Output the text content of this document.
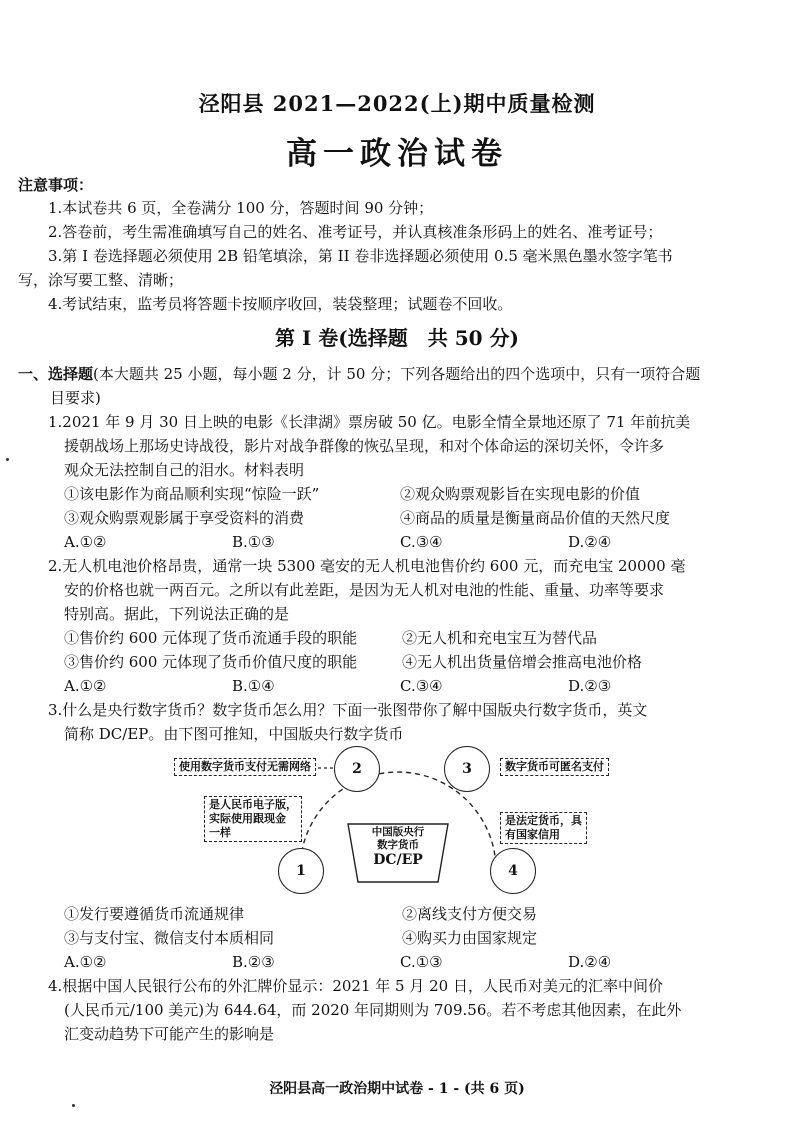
泾阳县 2021—2022(上)期中质量检测
高一政治试卷
注意事项：
1.本试卷共 6 页，全卷满分 100 分，答题时间 90 分钟；
2.答卷前，考生需准确填写自己的姓名、准考证号，并认真核准条形码上的姓名、准考证号；
3.第 I 卷选择题必须使用 2B 铅笔填涂，第 II 卷非选择题必须使用 0.5 毫米黑色墨水签字笔书
写，涂写要工整、清晰；
4.考试结束，监考员将答题卡按顺序收回，装袋整理；试题卷不回收。
第 I 卷(选择题　共 50 分)
一、选择题(本大题共 25 小题，每小题 2 分，计 50 分；下列各题给出的四个选项中，只有一项符合题
目要求)
1.2021 年 9 月 30 日上映的电影《长津湖》票房破 50 亿。电影全情全景地还原了 71 年前抗美
援朝战场上那场史诗战役，影片对战争群像的恢弘呈现，和对个体命运的深切关怀，令许多
观众无法控制自己的泪水。材料表明
①该电影作为商品顺利实现“惊险一跃”	②观众购票观影旨在实现电影的价值
③观众购票观影属于享受资料的消费	④商品的质量是衡量商品价值的天然尺度
A.①②	B.①③	C.③④	D.②④
2.无人机电池价格昂贵，通常一块 5300 毫安的无人机电池售价约 600 元，而充电宝 20000 毫
安的价格也就一两百元。之所以有此差距，是因为无人机对电池的性能、重量、功率等要求
特别高。据此，下列说法正确的是
①售价约 600 元体现了货币流通手段的职能	②无人机和充电宝互为替代品
③售价约 600 元体现了货币价值尺度的职能	④无人机出货量倍增会推高电池价格
A.①②	B.①④	C.③④	D.②③
3.什么是央行数字货币？数字货币怎么用？下面一张图带你了解中国版央行数字货币，英文
简称 DC/EP。由下图可推知，中国版央行数字货币
使用数字货币支付无需网络	数字货币可匿名支付
是人民币电子版，
实际使用跟现金
一样
是法定货币，具
有国家信用
中国版央行
数字货币
DC/EP
2	3
1	4
①发行要遵循货币流通规律	②离线支付方便交易
③与支付宝、微信支付本质相同	④购买力由国家规定
A.①②	B.②③	C.①③	D.②④
4.根据中国人民银行公布的外汇牌价显示：2021 年 5 月 20 日，人民币对美元的汇率中间价
(人民币元/100 美元)为 644.64，而 2020 年同期则为 709.56。若不考虑其他因素，在此外
汇变动趋势下可能产生的影响是
泾阳县高一政治期中试卷 - 1 - (共 6 页)
